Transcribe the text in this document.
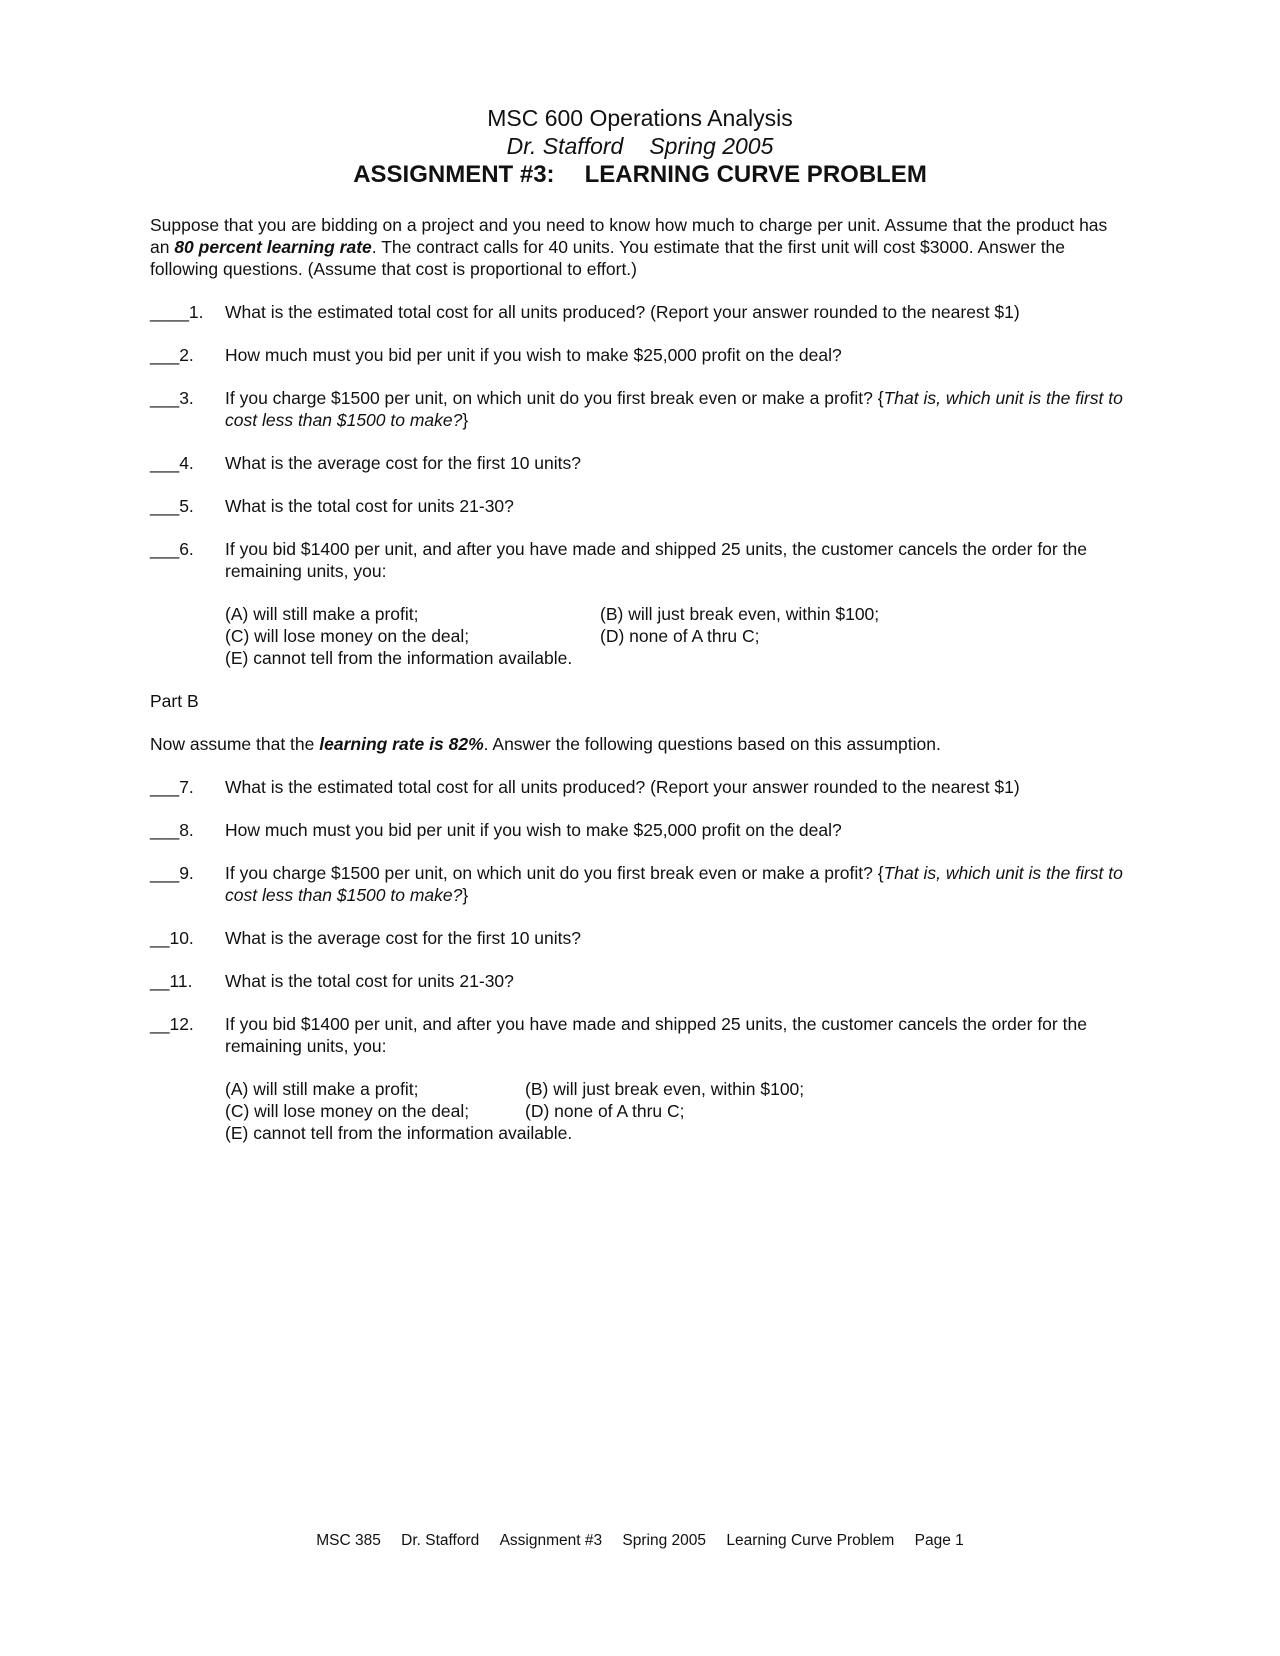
MSC 600 Operations Analysis
Dr. Stafford Spring 2005
ASSIGNMENT #3: LEARNING CURVE PROBLEM

Suppose that you are bidding on a project and you need to know how much to charge per unit. Assume that the product has an 80 percent learning rate. The contract calls for 40 units. You estimate that the first unit will cost $3000. Answer the following questions. (Assume that cost is proportional to effort.)

____1.	What is the estimated total cost for all units produced? (Report your answer rounded to the nearest $1)
___2.	How much must you bid per unit if you wish to make $25,000 profit on the deal?
___3.	If you charge $1500 per unit, on which unit do you first break even or make a profit? {That is, which unit is the first to cost less than $1500 to make?}
___4.	What is the average cost for the first 10 units?
___5.	What is the total cost for units 21-30?
___6.	If you bid $1400 per unit, and after you have made and shipped 25 units, the customer cancels the order for the remaining units, you:
(A) will still make a profit;	(B) will just break even, within $100;
(C) will lose money on the deal;	(D) none of A thru C;
(E) cannot tell from the information available.

Part B

Now assume that the learning rate is 82%. Answer the following questions based on this assumption.

___7.	What is the estimated total cost for all units produced? (Report your answer rounded to the nearest $1)
___8.	How much must you bid per unit if you wish to make $25,000 profit on the deal?
___9.	If you charge $1500 per unit, on which unit do you first break even or make a profit? {That is, which unit is the first to cost less than $1500 to make?}
__10.	What is the average cost for the first 10 units?
__11.	What is the total cost for units 21-30?
__12.	If you bid $1400 per unit, and after you have made and shipped 25 units, the customer cancels the order for the remaining units, you:
(A) will still make a profit;	(B) will just break even, within $100;
(C) will lose money on the deal;	(D) none of A thru C;
(E) cannot tell from the information available.
MSC 385 Dr. Stafford Assignment #3 Spring 2005 Learning Curve Problem Page 1
